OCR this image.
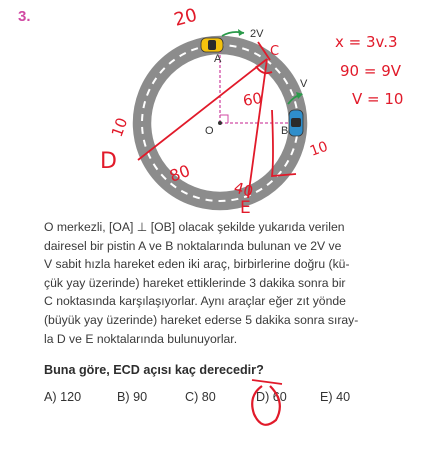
3.
A
B
O
2V
V
20
10
D	80
40
E
60
C
10
x = 3v.3
90 = 9V
V = 10
O merkezli, [OA] ⊥ [OB] olacak şekilde yukarıda verilen
dairesel bir pistin A ve B noktalarında bulunan ve 2V ve
V sabit hızla hareket eden iki araç, birbirlerine doğru (kü-
çük yay üzerinde) hareket ettiklerinde 3 dakika sonra bir
C noktasında karşılaşıyorlar. Aynı araçlar eğer zıt yönde
(büyük yay üzerinde) hareket ederse 5 dakika sonra sıray-
la D ve E noktalarında bulunuyorlar.
Buna göre, ECD açısı kaç derecedir?
A) 120	B) 90	C) 80	D) 60	E) 40
